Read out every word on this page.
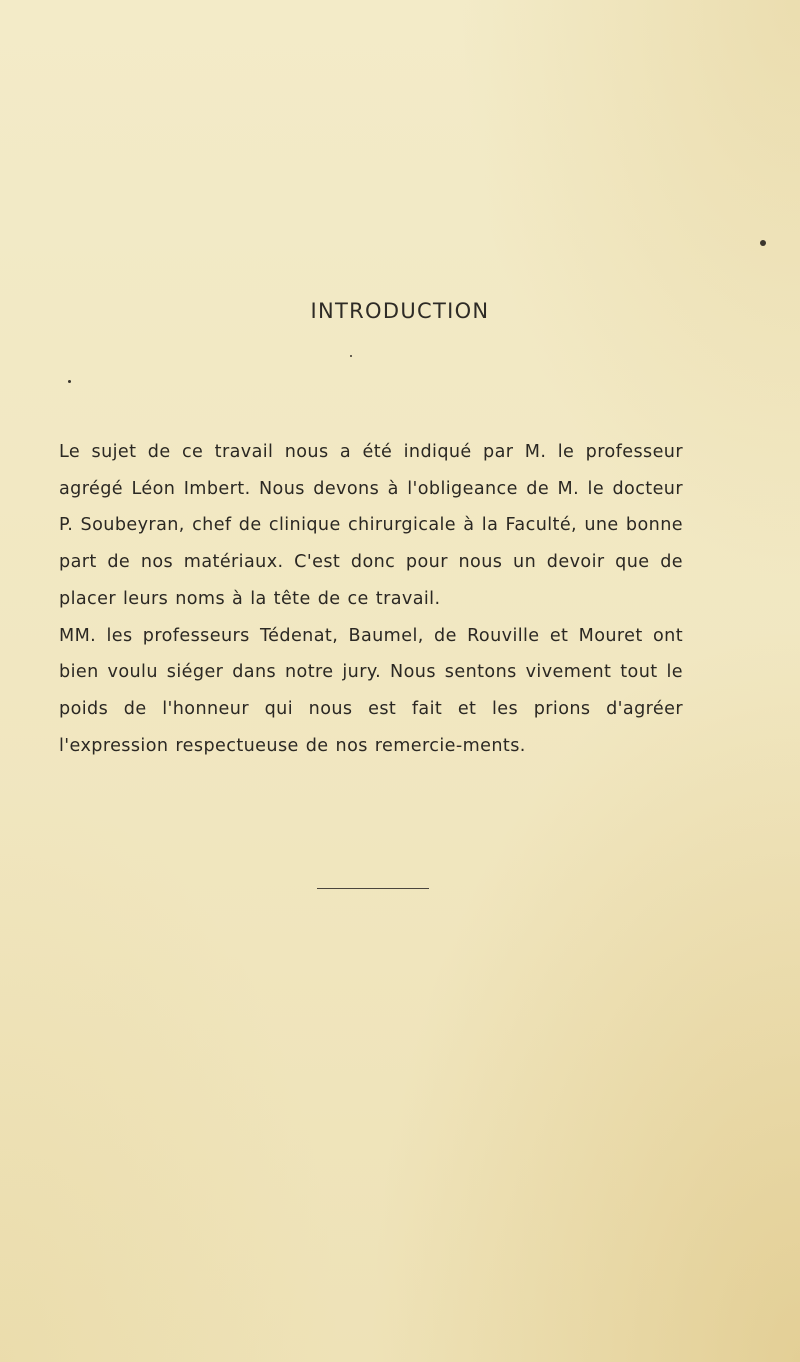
INTRODUCTION

Le sujet de ce travail nous a été indiqué par M. le professeur agrégé Léon Imbert. Nous devons à l'obligeance de M. le docteur P. Soubeyran, chef de clinique chirurgicale à la Faculté, une bonne part de nos matériaux. C'est donc pour nous un devoir que de placer leurs noms à la tête de ce travail.

MM. les professeurs Tédenat, Baumel, de Rouville et Mouret ont bien voulu siéger dans notre jury. Nous sentons vivement tout le poids de l'honneur qui nous est fait et les prions d'agréer l'expression respectueuse de nos remercie-ments.
